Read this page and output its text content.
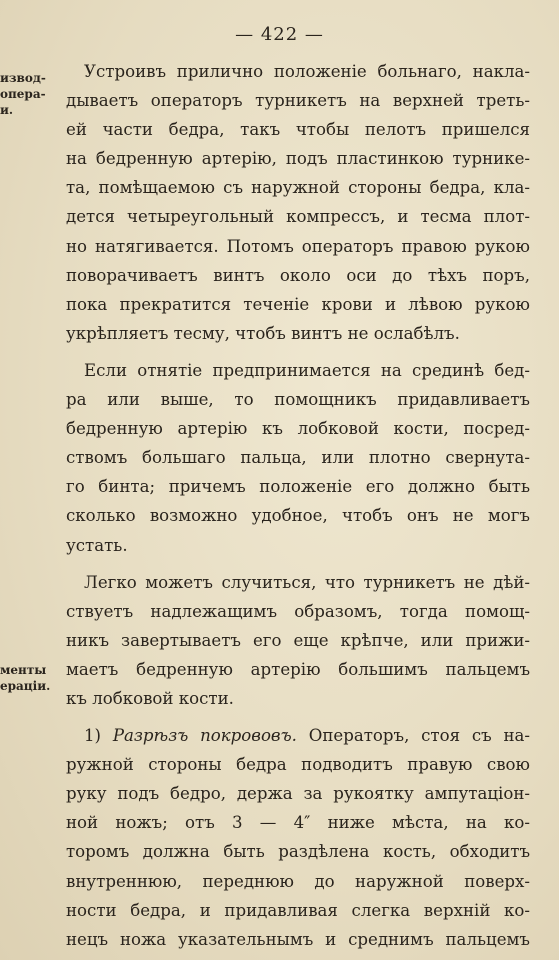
— 422 —
извод-
опера-
и.
менты
ерацiи.
Устроивъ прилично положенiе больнаго, накла-
дываетъ операторъ турникетъ на верхней треть-
ей части бедра, такъ чтобы пелотъ пришелся
на бедренную артерiю, подъ пластинкою турнике-
та, помѣщаемою съ наружной стороны бедра, кла-
дется четыреугольный компрессъ, и тесма плот-
но натягивается. Потомъ операторъ правою рукою
поворачиваетъ винтъ около оси до тѣхъ поръ,
пока прекратится теченiе крови и лѣвою рукою
укрѣпляетъ тесму, чтобъ винтъ не ослабѣлъ.
Если отнятiе предпринимается на срединѣ бед-
ра или выше, то помощникъ придавливаетъ
бедренную артерiю къ лобковой кости, посред-
ствомъ большаго пальца, или плотно свернута-
го бинта; причемъ положенiе его должно быть
сколько возможно удобное, чтобъ онъ не могъ
устать.
Легко можетъ случиться, что турникетъ не дѣй-
ствуетъ надлежащимъ образомъ, тогда помощ-
никъ завертываетъ его еще крѣпче, или прижи-
маетъ бедренную артерiю большимъ пальцемъ
къ лобковой кости.
1) Разрѣзъ покрововъ. Операторъ, стоя съ на-
ружной стороны бедра подводитъ правую свою
руку подъ бедро, держа за рукоятку ампутацiон-
ной ножъ; отъ 3 — 4″ ниже мѣста, на ко-
торомъ должна быть раздѣлена кость, обходитъ
внутреннюю, переднюю до наружной поверх-
ности бедра, и придавливая слегка верхнiй ко-
нецъ ножа указательнымъ и среднимъ пальцемъ
